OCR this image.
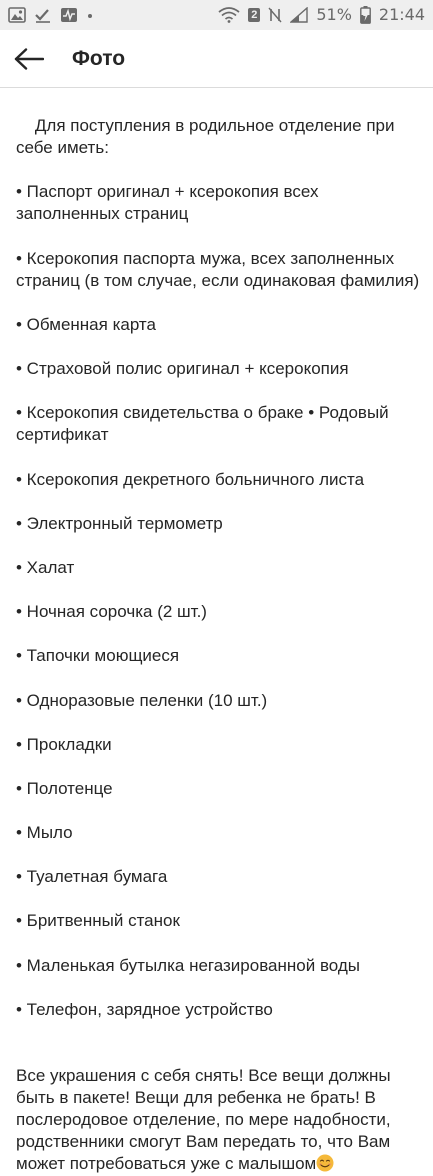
2	51% 21:44
Фото

Для поступления в родильное отделение при себе иметь:

• Паспорт оригинал + ксерокопия всех заполненных страниц

• Ксерокопия паспорта мужа, всех заполненных страниц (в том случае, если одинаковая фамилия)

• Обменная карта

• Страховой полис оригинал + ксерокопия

• Ксерокопия свидетельства о браке • Родовый сертификат

• Ксерокопия декретного больничного листа

• Электронный термометр

• Халат

• Ночная сорочка (2 шт.)

• Тапочки моющиеся

• Одноразовые пеленки (10 шт.)

• Прокладки

• Полотенце

• Мыло

• Туалетная бумага

• Бритвенный станок

• Маленькая бутылка негазированной воды

• Телефон, зарядное устройство

Все украшения с себя снять! Все вещи должны быть в пакете! Вещи для ребенка не брать! В послеродовое отделение, по мере надобности, родственники смогут Вам передать то, что Вам может потребоваться уже с малышом
